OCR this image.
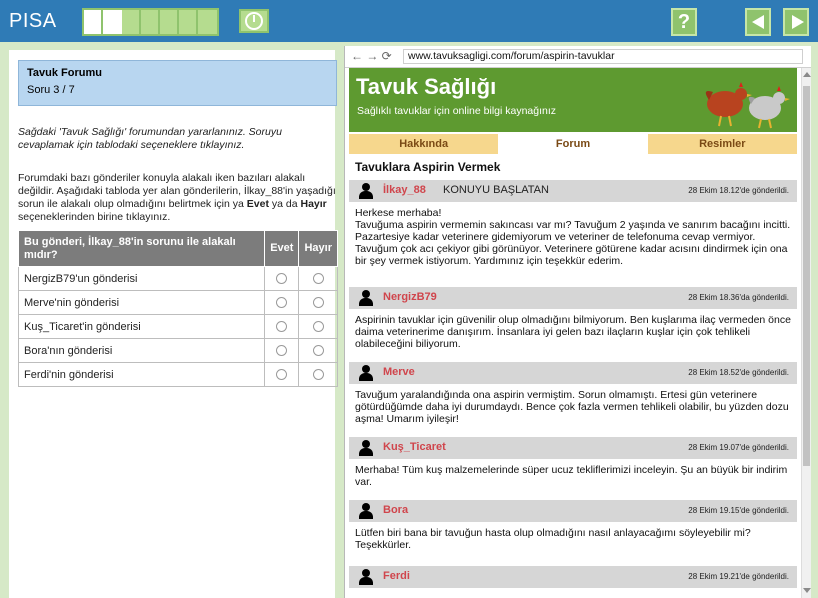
PISA	?
Tavuk Forumu
Soru 3 / 7
Sağdaki 'Tavuk Sağlığı' forumundan yararlanınız. Soruyu cevaplamak için tablodaki seçeneklere tıklayınız.
Forumdaki bazı gönderiler konuyla alakalı iken bazıları alakalı değildir. Aşağıdaki tabloda yer alan gönderilerin, İlkay_88'in yaşadığı sorun ile alakalı olup olmadığını belirtmek için ya Evet ya da Hayır seçeneklerinden birine tıklayınız.
Bu gönderi, İlkay_88'in sorunu ile alakalı mıdır?	Evet	Hayır
NergizB79'un gönderisi		
Merve'nin gönderisi		
Kuş_Ticaret'in gönderisi		
Bora'nın gönderisi		
Ferdi'nin gönderisi		
← → ⟳	www.tavuksagligi.com/forum/aspirin-tavuklar
Tavuk Sağlığı
Sağlıklı tavuklar için online bilgi kaynağınız
Hakkında	Forum	Resimler
Tavuklara Aspirin Vermek
İlkay_88 KONUYU BAŞLATAN	28 Ekim 18.12'de gönderildi.
Herkese merhaba!
Tavuğuma aspirin vermemin sakıncası var mı? Tavuğum 2 yaşında ve sanırım bacağını incitti. Pazartesiye kadar veterinere gidemiyorum ve veteriner de telefonuma cevap vermiyor. Tavuğum çok acı çekiyor gibi görünüyor. Veterinere götürene kadar acısını dindirmek için ona bir şey vermek istiyorum. Yardımınız için teşekkür ederim.
NergizB79	28 Ekim 18.36'da gönderildi.
Aspirinin tavuklar için güvenilir olup olmadığını bilmiyorum. Ben kuşlarıma ilaç vermeden önce daima veterinerime danışırım. İnsanlara iyi gelen bazı ilaçların kuşlar için çok tehlikeli olabileceğini biliyorum.
Merve	28 Ekim 18.52'de gönderildi.
Tavuğum yaralandığında ona aspirin vermiştim. Sorun olmamıştı. Ertesi gün veterinere götürdüğümde daha iyi durumdaydı. Bence çok fazla vermen tehlikeli olabilir, bu yüzden dozu aşma! Umarım iyileşir!
Kuş_Ticaret	28 Ekim 19.07'de gönderildi.
Merhaba! Tüm kuş malzemelerinde süper ucuz tekliflerimizi inceleyin. Şu an büyük bir indirim var.
Bora	28 Ekim 19.15'de gönderildi.
Lütfen biri bana bir tavuğun hasta olup olmadığını nasıl anlayacağımı söyleyebilir mi? Teşekkürler.
Ferdi	28 Ekim 19.21'de gönderildi.
